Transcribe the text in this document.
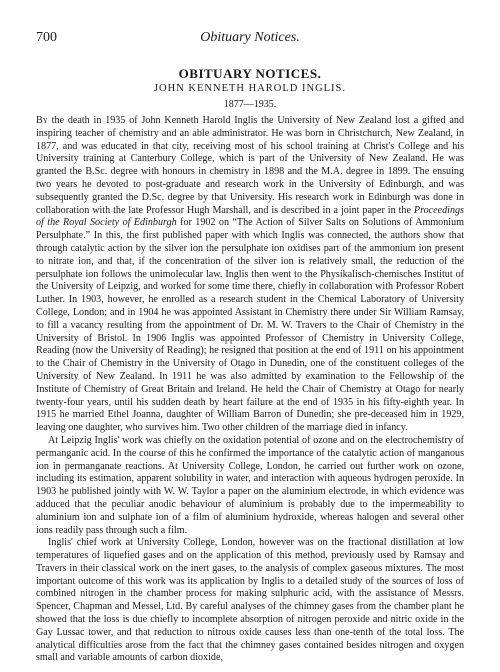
700	Obituary Notices.
OBITUARY NOTICES.
JOHN KENNETH HAROLD INGLIS.
1877—1935.

By the death in 1935 of John Kenneth Harold Inglis the University of New Zealand lost a gifted and inspiring teacher of chemistry and an able administrator. He was born in Christchurch, New Zealand, in 1877, and was educated in that city, receiving most of his school training at Christ's College and his University training at Canterbury College, which is part of the University of New Zealand. He was granted the B.Sc. degree with honours in chemistry in 1898 and the M.A. degree in 1899. The ensuing two years he devoted to post-graduate and research work in the University of Edinburgh, and was subsequently granted the D.Sc. degree by that University. His research work in Edinburgh was done in collaboration with the late Professor Hugh Marshall, and is described in a joint paper in the Proceedings of the Royal Society of Edinburgh for 1902 on “The Action of Silver Salts on Solutions of Ammonium Persulphate.” In this, the first published paper with which Inglis was connected, the authors show that through catalytic action by the silver ion the persulphate ion oxidises part of the ammonium ion present to nitrate ion, and that, if the concentration of the silver ion is relatively small, the reduction of the persulphate ion follows the unimolecular law. Inglis then went to the Physikalisch-chemisches Institut of the University of Leipzig, and worked for some time there, chiefly in collaboration with Professor Robert Luther. In 1903, however, he enrolled as a research student in the Chemical Laboratory of University College, London; and in 1904 he was appointed Assistant in Chemistry there under Sir William Ramsay, to fill a vacancy resulting from the appointment of Dr. M. W. Travers to the Chair of Chemistry in the University of Bristol. In 1906 Inglis was appointed Professor of Chemistry in University College, Reading (now the University of Reading); he resigned that position at the end of 1911 on his appointment to the Chair of Chemistry in the University of Otago in Dunedin, one of the constituent colleges of the University of New Zealand. In 1911 he was also admitted by examination to the Fellowship of the Institute of Chemistry of Great Britain and Ireland. He held the Chair of Chemistry at Otago for nearly twenty-four years, until his sudden death by heart failure at the end of 1935 in his fifty-eighth year. In 1915 he married Ethel Joanna, daughter of William Barron of Dunedin; she pre-deceased him in 1929, leaving one daughter, who survives him. Two other children of the marriage died in infancy.

At Leipzig Inglis' work was chiefly on the oxidation potential of ozone and on the electrochemistry of permanganic acid. In the course of this he confirmed the importance of the catalytic action of manganous ion in permanganate reactions. At University College, London, he carried out further work on ozone, including its estimation, apparent solubility in water, and interaction with aqueous hydrogen peroxide. In 1903 he published jointly with W. W. Taylor a paper on the aluminium electrode, in which evidence was adduced that the peculiar anodic behaviour of aluminium is probably due to the impermeability to aluminium ion and sulphate ion of a film of aluminium hydroxide, whereas halogen and several other ions readily pass through such a film.

Inglis' chief work at University College, London, however was on the fractional distillation at low temperatures of liquefied gases and on the application of this method, previously used by Ramsay and Travers in their classical work on the inert gases, to the analysis of complex gaseous mixtures. The most important outcome of this work was its application by Inglis to a detailed study of the sources of loss of combined nitrogen in the chamber process for making sulphuric acid, with the assistance of Messrs. Spencer, Chapman and Messel, Ltd. By careful analyses of the chimney gases from the chamber plant he showed that the loss is due chiefly to incomplete absorption of nitrogen peroxide and nitric oxide in the Gay Lussac tower, and that reduction to nitrous oxide causes less than one-tenth of the total loss. The analytical difficulties arose from the fact that the chimney gases contained besides nitrogen and oxygen small and variable amounts of carbon dioxide,
